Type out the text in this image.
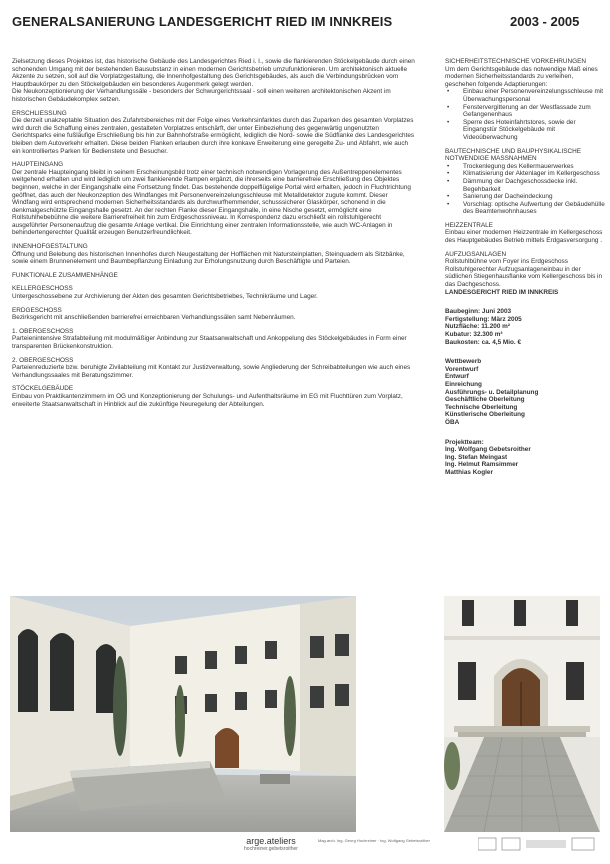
GENERALSANIERUNG LANDESGERICHT RIED IM INNKREIS	2003 - 2005

Zielsetzung dieses Projektes ist, das historische Gebäude des Landesgerichtes Ried i. I., sowie die flankierenden Stöckelgebäude durch einen schonenden Umgang mit der bestehenden Bausubstanz in einen modernen Gerichtsbetrieb umzufunktionieren. Um architektonisch aktuelle Akzente zu setzen, soll auf die Vorplatzgestaltung, die Innenhofgestaltung des Gerichtsgebäudes, als auch die Verbindungsbrücken vom Hauptbaukörper zu den Stöckelgebäuden ein besonderes Augenmerk gelegt werden.

Die Neukonzeptionierung der Verhandlungssäle - besonders der Schwurgerichtssaal - soll einen weiteren architektonischen Akzent im historischen Gebäudekomplex setzen.

ERSCHLIESSUNG

Die derzeit unakzeptable Situation des Zufahrtsbereiches mit der Folge eines Verkehrsinfarktes durch das Zuparken des gesamten Vorplatzes wird durch die Schaffung eines zentralen, gestalteten Vorplatzes entschärft, der unter Einbeziehung des gegenwärtig ungenutzten Gerichtsparks eine fußläufige Erschließung bis hin zur Bahnhofstraße ermöglicht, lediglich die Nord- sowie die Südflanke des Landesgerichtes bleiben dem Autoverkehr erhalten. Diese beiden Flanken erlauben durch ihre konkave Erweiterung eine geregelte Zu- und Abfahrt, wie auch ein kontrolliertes Parken für Bedienstete und Besucher.

HAUPTEINGANG

Der zentrale Haupteingang bleibt in seinem Erscheinungsbild trotz einer technisch notwendigen Vorlagerung des Außentreppenelementes weitgehend erhalten und wird lediglich um zwei flankierende Rampen ergänzt, die ihrerseits eine barrierefreie Erschließung des Objektes beginnen, welche in der Eingangshalle eine Fortsetzung findet. Das bestehende doppelflügelige Portal wird erhalten, jedoch in Fluchtrichtung geöffnet, das auch der Neukonzeption des Windfanges mit Personenvereinzelungsschleuse mit Metalldetektor zugute kommt. Dieser Windfang wird entsprechend modernen Sicherheitsstandards als durchwurfhemmender, schusssicherer Glaskörper, schonend in die denkmalgeschützte Eingangshalle gesetzt. An der rechten Flanke dieser Eingangshalle, in eine Nische gesetzt, ermöglicht eine Rollstuhlhebebühne die weitere Barrierefreiheit hin zum Erdgeschossniveau. In Korrespondenz dazu erschließt ein rollstuhlgerecht ausgeführter Personenaufzug die gesamte Anlage vertikal. Die Einrichtung einer zentralen Informationsstelle, wie auch WC-Anlagen in behindertengerechter Qualität erzeugen Benutzerfreundlichkeit.

INNENHOFGESTALTUNG

Öffnung und Belebung des historischen Innenhofes durch Neugestaltung der Hofflächen mit Natursteinplatten, Steinquadern als Sitzbänke, sowie einem Brunnenelement und Baumbepflanzung Einladung zur Erholungsnutzung durch Beschäftigte und Parteien.

FUNKTIONALE ZUSAMMENHÄNGE

KELLERGESCHOSS

Untergeschossebene zur Archivierung der Akten des gesamten Gerichtsbetriebes, Technikräume und Lager.

ERDGESCHOSS

Bezirksgericht mit anschließenden barrierefrei erreichbaren Verhandlungssälen samt Nebenräumen.

1. OBERGESCHOSS

Parteienintensive Strafabteilung mit modulmäßiger Anbindung zur Staatsanwaltschaft und Ankoppelung des Stöckelgebäudes in Form einer transparenten Brückenkonstruktion.

2. OBERGESCHOSS

Parteienreduzierte bzw. beruhigte Zivilabteilung mit Kontakt zur Justizverwaltung, sowie Angliederung der Schreibabteilungen wie auch eines Verhandlungssaales mit Beratungszimmer.

STÖCKELGEBÄUDE

Einbau von Praktikantenzimmern im OG und Konzeptionierung der Schulungs- und Aufenthaltsräume im EG mit Fluchttüren zum Vorplatz, erweiterte Staatsanwaltschaft in Hinblick auf die zukünftige Neuregelung der Abteilungen.

SICHERHEITSTECHNISCHE VORKEHRUNGEN

Um dem Gerichtsgebäude das notwendige Maß eines modernen Sicherheitsstandards zu verleihen, geschehen folgende Adaptierungen:

• Einbau einer Personenvereinzelungsschleuse mit Überwachungspersonal

• Fenstervergitterung an der Westfassade zum Gefangenenhaus

• Sperre des Hoteinfahrtstores, sowie der Eingangstür Stöckelgebäude mit Videoüberwachung

BAUTECHNISCHE UND BAUPHYSIKALISCHE NOTWENDIGE MASSNAHMEN

• Trockenlegung des Kellermauerwerkes

• Klimatisierung der Aktenlager im Kellergeschoss

• Dämmung der Dachgeschossdecke inkl. Begehbarkeit

• Sanierung der Dacheindeckung

• Vorschlag: optische Aufwertung der Gebäudehülle des Beamtenwohnhauses

HEIZZENTRALE

Einbau einer modernen Heizzentrale im Kellergeschoss des Hauptgebäudes Betrieb mittels Erdgasversorgung .

AUFZUGSANLAGEN

Rollstuhlbühne vom Foyer ins Erdgeschoss Rollstuhlgerechter Aufzugsanlageneinbau in der südlichen Stiegenhausflanke vom Kellergeschoss bis in das Dachgeschoss.

LANDESGERICHT RIED IM INNKREIS

Baubeginn: Juni 2003

Fertigstellung: März 2005

Nutzfläche: 11.200 m²

Kubatur: 32.300 m³

Baukosten: ca. 4,5 Mio. €

Wettbewerb

Vorentwurf

Entwurf

Einreichung

Ausführungs- u. Detailplanung

Geschäftliche Oberleitung

Technische Oberleitung

Künstlerische Oberleitung

ÖBA

Projektteam:

Ing. Wolfgang Gebetsroither

Ing. Stefan Meingast

Ing. Helmut Ramsimmer

Matthias Kogler

arge.ateliers
hochreiner.gebetsroither
Mag.arch. Ing. Georg Hochreiner · Ing. Wolfgang Gebetsroither
